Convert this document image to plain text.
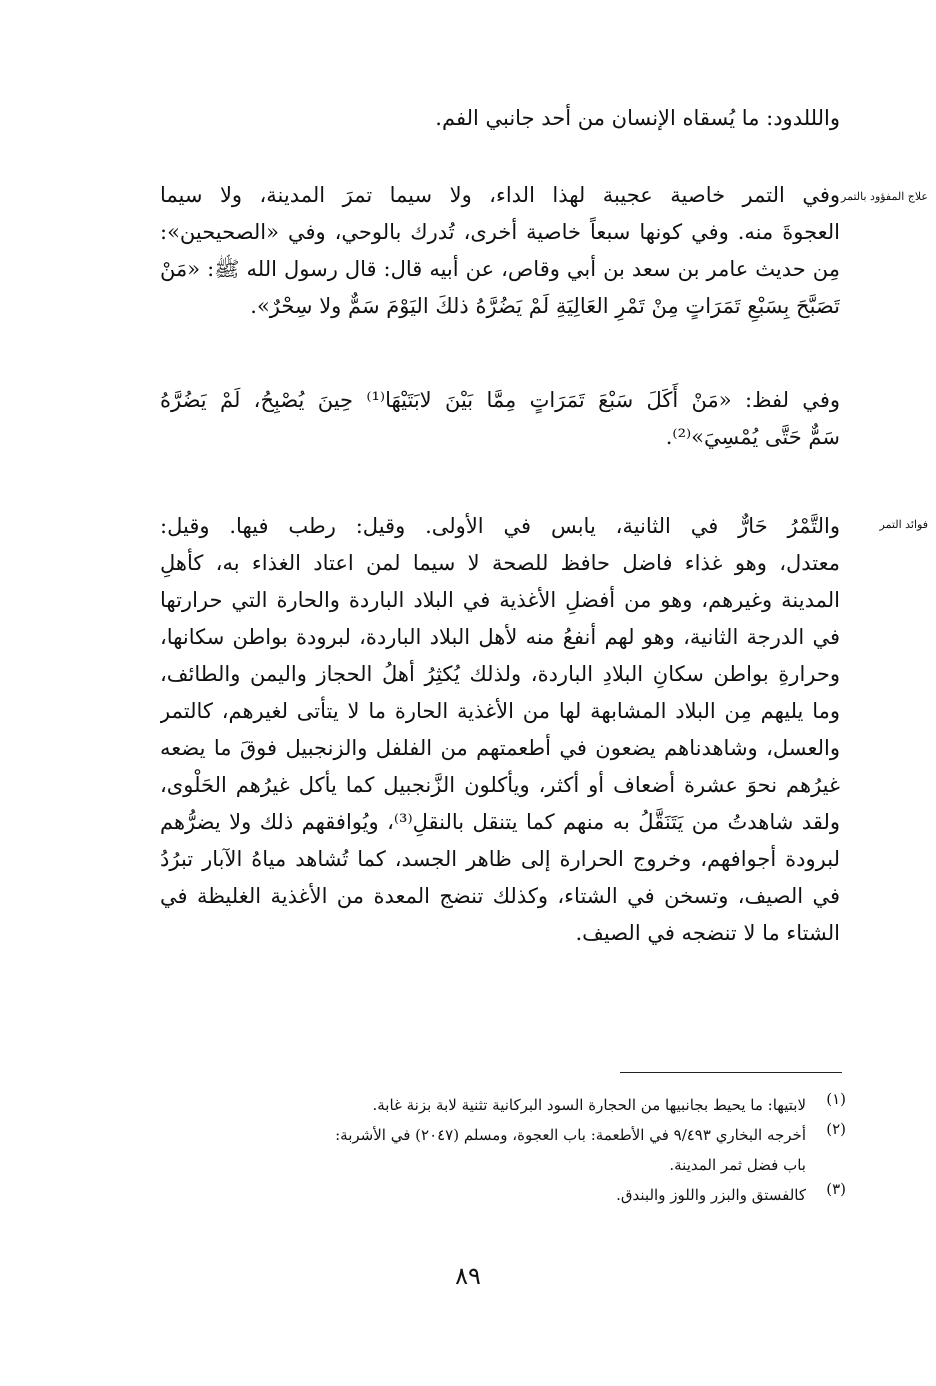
والللدود: ما يُسقاه الإنسان من أحد جانبي الفم.
علاج المفؤود بالتمر
وفي التمر خاصية عجيبة لهذا الداء، ولا سيما تمرَ المدينة، ولا سيما
العجوةَ منه. وفي كونها سبعاً خاصية أخرى، تُدرك بالوحي، وفي «الصحيحين»:
مِن حديث عامر بن سعد بن أبي وقاص، عن أبيه قال: قال رسول الله ﷺ: «مَنْ
تَصَبَّحَ بِسَبْعِ تَمَرَاتٍ مِنْ تَمْرِ العَالِيَةِ لَمْ يَضُرَّهُ ذلكَ اليَوْمَ سَمٌّ ولا سِحْرٌ».
وفي لفظ: «مَنْ أَكَلَ سَبْعَ تَمَرَاتٍ مِمَّا بَيْنَ لابَتَيْهَا⁽¹⁾ حِينَ يُصْبِحُ، لَمْ يَضُرَّهُ
سَمٌّ حَتَّى يُمْسِيَ»⁽²⁾.
فوائد التمر
والتَّمْرُ حَارٌّ في الثانية، يابس في الأولى. وقيل: رطب فيها. وقيل:
معتدل، وهو غذاء فاضل حافظ للصحة لا سيما لمن اعتاد الغذاء به، كأهلِ
المدينة وغيرهم، وهو من أفضلِ الأغذية في البلاد الباردة والحارة التي حرارتها
في الدرجة الثانية، وهو لهم أنفعُ منه لأهل البلاد الباردة، لبرودة بواطن سكانها،
وحرارةِ بواطن سكانِ البلادِ الباردة، ولذلك يُكثِرُ أهلُ الحجاز واليمن والطائف،
وما يليهم مِن البلاد المشابهة لها من الأغذية الحارة ما لا يتأتى لغيرهم، كالتمر
والعسل، وشاهدناهم يضعون في أطعمتهم من الفلفل والزنجبيل فوقَ ما يضعه
غيرُهم نحوَ عشرة أضعاف أو أكثر، ويأكلون الزَّنجبيل كما يأكل غيرُهم الحَلْوى،
ولقد شاهدتُ من يَتَنَقَّلُ به منهم كما يتنقل بالنقلِ⁽³⁾، ويُوافقهم ذلك ولا يضرُّهم
لبرودة أجوافهم، وخروج الحرارة إلى ظاهر الجسد، كما تُشاهد مياهُ الآبار تبرُدُ
في الصيف، وتسخن في الشتاء، وكذلك تنضج المعدة من الأغذية الغليظة في
الشتاء ما لا تنضجه في الصيف.
(١)
لابتيها: ما يحيط بجانبيها من الحجارة السود البركانية تثنية لابة بزنة غابة.
(٢)
أخرجه البخاري ٩/٤٩٣ في الأطعمة: باب العجوة، ومسلم (٢٠٤٧) في الأشربة:
باب فضل ثمر المدينة.
(٣)
كالفستق والبزر واللوز والبندق.
٨٩
